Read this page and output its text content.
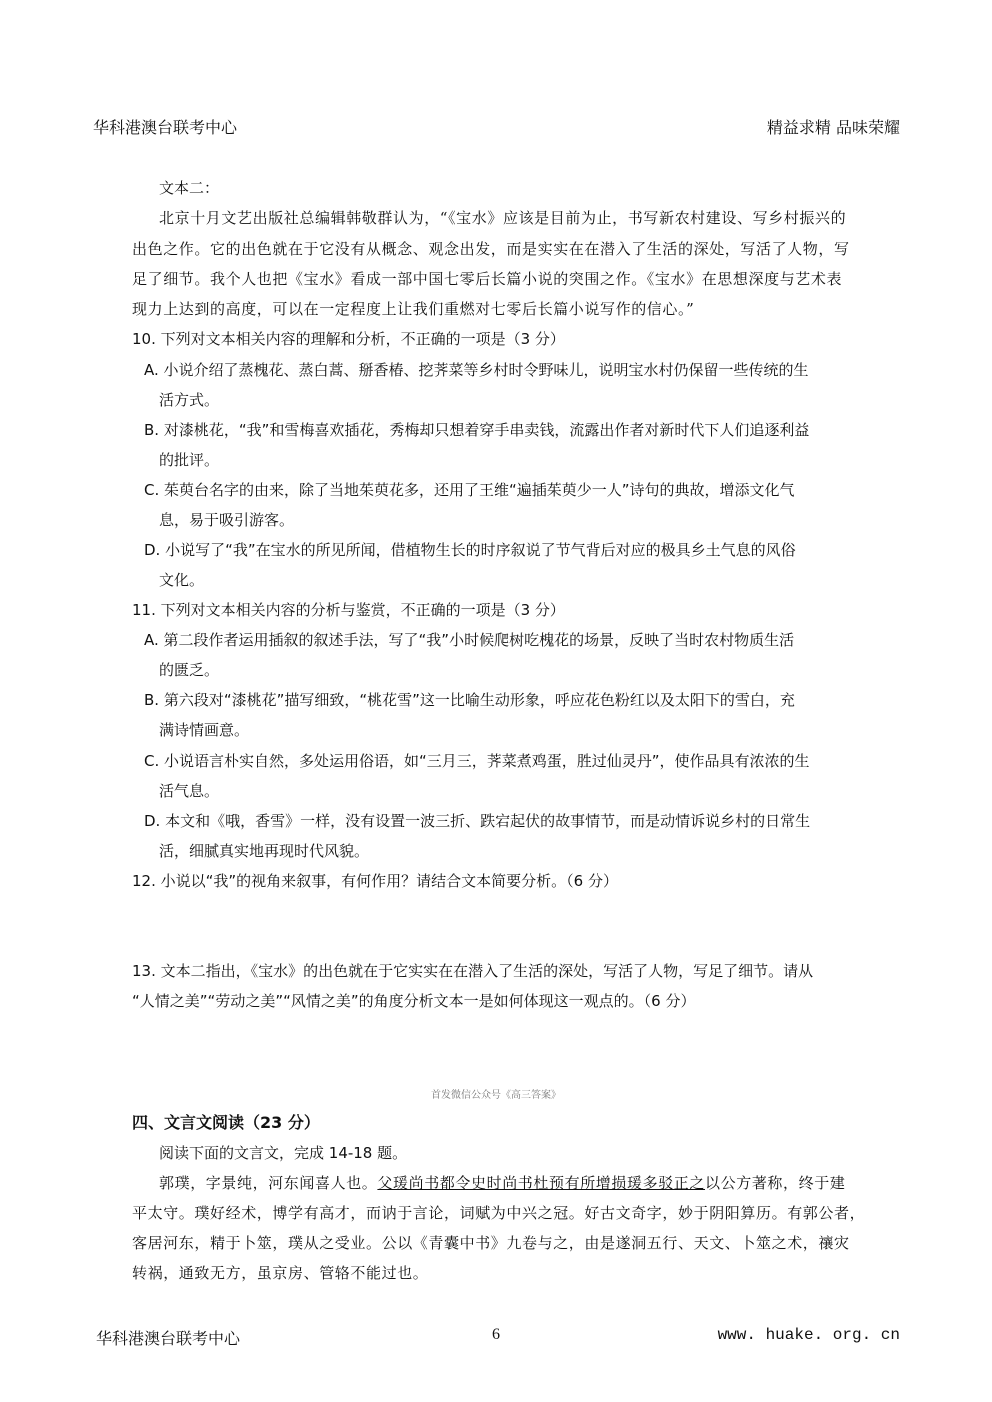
华科港澳台联考中心	精益求精 品味荣耀
文本二：
北京十月文艺出版社总编辑韩敬群认为，“《宝水》应该是目前为止，书写新农村建设、写乡村振兴的
出色之作。它的出色就在于它没有从概念、观念出发，而是实实在在潜入了生活的深处，写活了人物，写
足了细节。我个人也把《宝水》看成一部中国七零后长篇小说的突围之作。《宝水》在思想深度与艺术表
现力上达到的高度，可以在一定程度上让我们重燃对七零后长篇小说写作的信心。”
10. 下列对文本相关内容的理解和分析，不正确的一项是（3 分）
A. 小说介绍了蒸槐花、蒸白蒿、掰香椿、挖荠菜等乡村时令野味儿，说明宝水村仍保留一些传统的生
活方式。
B. 对漆桃花，“我”和雪梅喜欢插花，秀梅却只想着穿手串卖钱，流露出作者对新时代下人们追逐利益
的批评。
C. 茱萸台名字的由来，除了当地茱萸花多，还用了王维“遍插茱萸少一人”诗句的典故，增添文化气
息，易于吸引游客。
D. 小说写了“我”在宝水的所见所闻，借植物生长的时序叙说了节气背后对应的极具乡土气息的风俗
文化。
11. 下列对文本相关内容的分析与鉴赏，不正确的一项是（3 分）
A. 第二段作者运用插叙的叙述手法，写了“我”小时候爬树吃槐花的场景，反映了当时农村物质生活
的匮乏。
B. 第六段对“漆桃花”描写细致，“桃花雪”这一比喻生动形象，呼应花色粉红以及太阳下的雪白，充
满诗情画意。
C. 小说语言朴实自然，多处运用俗语，如“三月三，荠菜煮鸡蛋，胜过仙灵丹”，使作品具有浓浓的生
活气息。
D. 本文和《哦，香雪》一样，没有设置一波三折、跌宕起伏的故事情节，而是动情诉说乡村的日常生
活，细腻真实地再现时代风貌。
12. 小说以“我”的视角来叙事，有何作用？请结合文本简要分析。（6 分）
13. 文本二指出，《宝水》的出色就在于它实实在在潜入了生活的深处，写活了人物，写足了细节。请从
“人情之美”“劳动之美”“风情之美”的角度分析文本一是如何体现这一观点的。（6 分）
首发微信公众号《高三答案》
四、文言文阅读（23 分）
阅读下面的文言文，完成 14-18 题。
郭璞，字景纯，河东闻喜人也。父瑗尚书都令史时尚书杜预有所增损瑗多驳正之以公方著称，终于建
平太守。璞好经术，博学有高才，而讷于言论，词赋为中兴之冠。好古文奇字，妙于阴阳算历。有郭公者，
客居河东，精于卜筮，璞从之受业。公以《青囊中书》九卷与之，由是遂洞五行、天文、卜筮之术，禳灾
转祸，通致无方，虽京房、管辂不能过也。
华科港澳台联考中心	6	www. huake. org. cn
